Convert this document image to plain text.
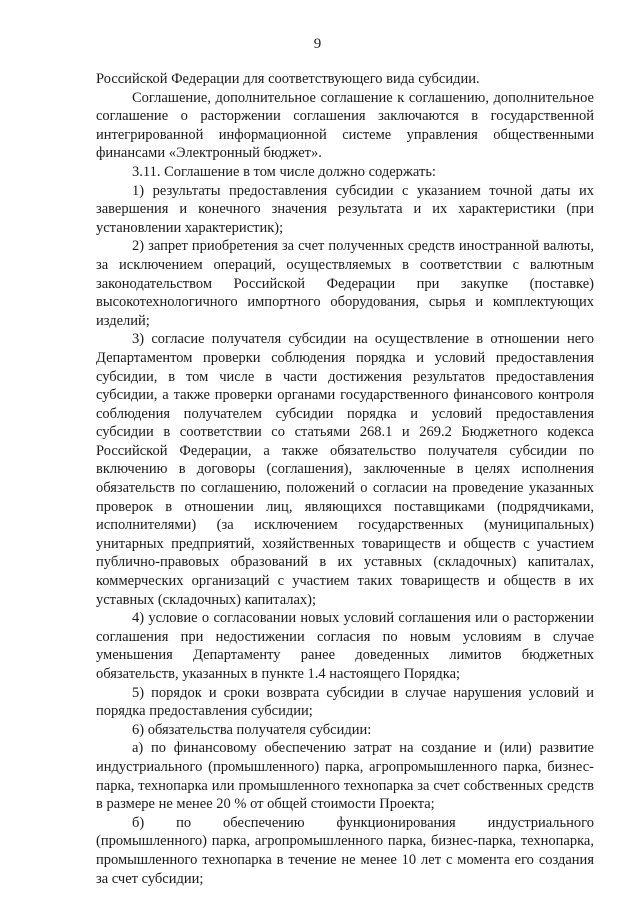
9

Российской Федерации для соответствующего вида субсидии.

Соглашение, дополнительное соглашение к соглашению, дополнительное соглашение о расторжении соглашения заключаются в государственной интегрированной информационной системе управления общественными финансами «Электронный бюджет».

3.11. Соглашение в том числе должно содержать:

1) результаты предоставления субсидии с указанием точной даты их завершения и конечного значения результата и их характеристики (при установлении характеристик);

2) запрет приобретения за счет полученных средств иностранной валюты, за исключением операций, осуществляемых в соответствии с валютным законодательством Российской Федерации при закупке (поставке) высокотехнологичного импортного оборудования, сырья и комплектующих изделий;

3) согласие получателя субсидии на осуществление в отношении него Департаментом проверки соблюдения порядка и условий предоставления субсидии, в том числе в части достижения результатов предоставления субсидии, а также проверки органами государственного финансового контроля соблюдения получателем субсидии порядка и условий предоставления субсидии в соответствии со статьями 268.1 и 269.2 Бюджетного кодекса Российской Федерации, а также обязательство получателя субсидии по включению в договоры (соглашения), заключенные в целях исполнения обязательств по соглашению, положений о согласии на проведение указанных проверок в отношении лиц, являющихся поставщиками (подрядчиками, исполнителями) (за исключением государственных (муниципальных) унитарных предприятий, хозяйственных товариществ и обществ с участием публично-правовых образований в их уставных (складочных) капиталах, коммерческих организаций с участием таких товариществ и обществ в их уставных (складочных) капиталах);

4) условие о согласовании новых условий соглашения или о расторжении соглашения при недостижении согласия по новым условиям в случае уменьшения Департаменту ранее доведенных лимитов бюджетных обязательств, указанных в пункте 1.4 настоящего Порядка;

5) порядок и сроки возврата субсидии в случае нарушения условий и порядка предоставления субсидии;

6) обязательства получателя субсидии:

а) по финансовому обеспечению затрат на создание и (или) развитие индустриального (промышленного) парка, агропромышленного парка, бизнес-парка, технопарка или промышленного технопарка за счет собственных средств в размере не менее 20 % от общей стоимости Проекта;

б) по обеспечению функционирования индустриального (промышленного) парка, агропромышленного парка, бизнес-парка, технопарка, промышленного технопарка в течение не менее 10 лет с момента его создания за счет субсидии;
